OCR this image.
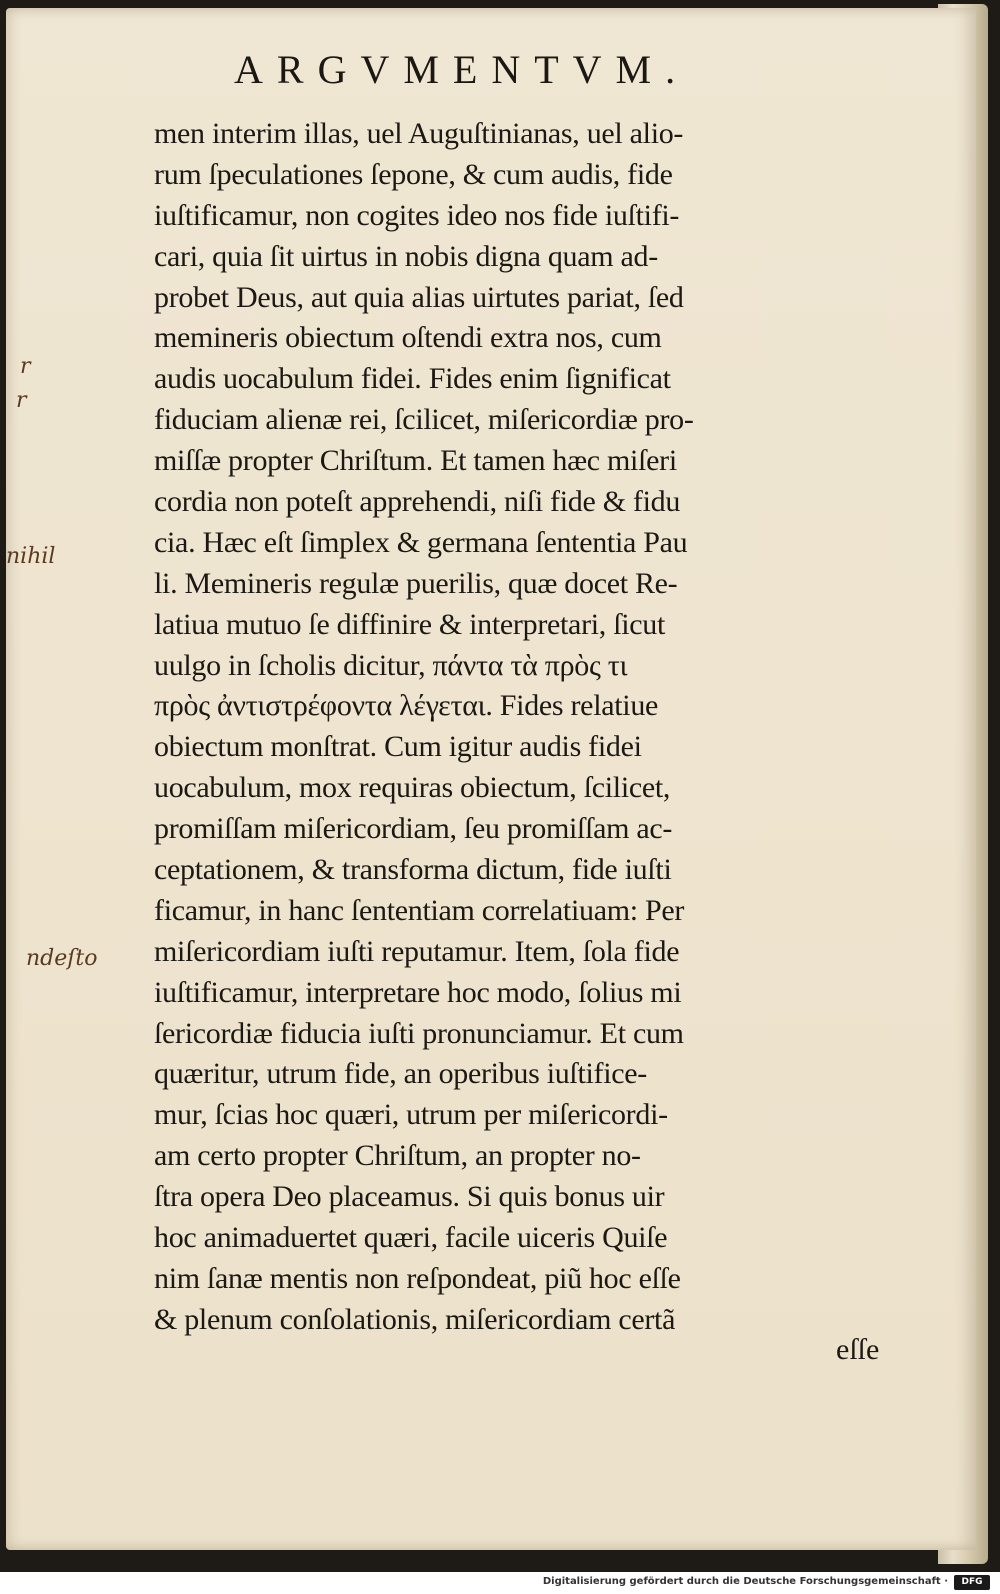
ARGVMENTVM.
men interim illas, uel Auguſtinianas, uel alio-
rum ſpeculationes ſepone, & cum audis, fide
iuſtificamur, non cogites ideo nos fide iuſtifi-
cari, quia ſit uirtus in nobis digna quam ad-
probet Deus, aut quia alias uirtutes pariat, ſed
memineris obiectum oſtendi extra nos, cum
audis uocabulum fidei. Fides enim ſignificat
fiduciam alienæ rei, ſcilicet, miſericordiæ pro-
miſſæ propter Chriſtum. Et tamen hæc miſeri
cordia non poteſt apprehendi, niſi fide & fidu
cia. Hæc eſt ſimplex & germana ſententia Pau
li. Memineris regulæ puerilis, quæ docet Re-
latiua mutuo ſe diffinire & interpretari, ſicut
uulgo in ſcholis dicitur, πάντα τὰ πρὸς τι
πρὸς ἀντιστρέφοντα λέγεται. Fides relatiue
obiectum monſtrat. Cum igitur audis fidei
uocabulum, mox requiras obiectum, ſcilicet,
promiſſam miſericordiam, ſeu promiſſam ac-
ceptationem, & transforma dictum, fide iuſti
ficamur, in hanc ſententiam correlatiuam: Per
miſericordiam iuſti reputamur. Item, ſola fide
iuſtificamur, interpretare hoc modo, ſolius mi
ſericordiæ fiducia iuſti pronunciamur. Et cum
quæritur, utrum fide, an operibus iuſtifice-
mur, ſcias hoc quæri, utrum per miſericordi-
am certo propter Chriſtum, an propter no-
ſtra opera Deo placeamus. Si quis bonus uir
hoc animaduertet quæri, facile uiceris Quiſe
nim ſanæ mentis non reſpondeat, piũ hoc eſſe
& plenum conſolationis, miſericordiam certã
eſſe
r
r
nihil
ndeſto
Digitalisierung gefördert durch die Deutsche Forschungsgemeinschaft ·	DFG
